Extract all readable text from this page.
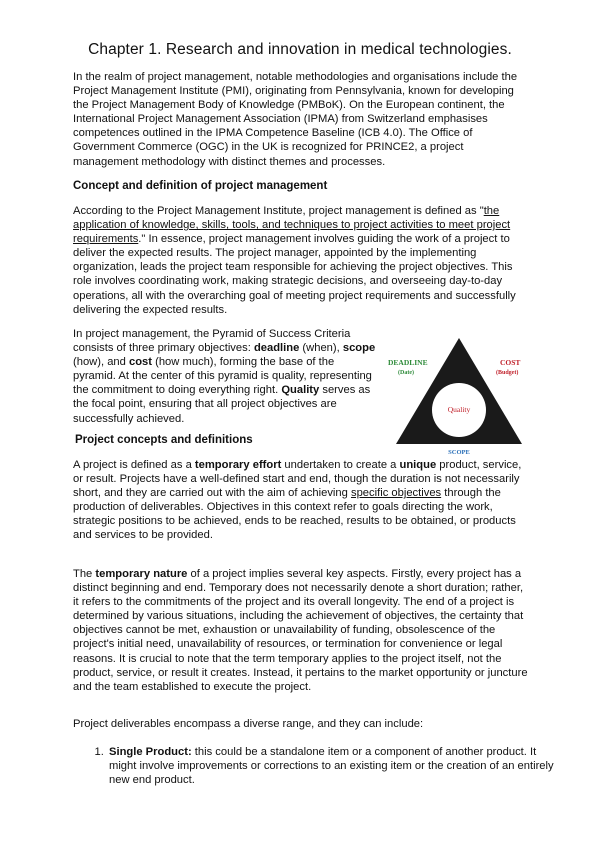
Chapter 1. Research and innovation in medical technologies.

In the realm of project management, notable methodologies and organisations include the Project Management Institute (PMI), originating from Pennsylvania, known for developing the Project Management Body of Knowledge (PMBoK). On the European continent, the International Project Management Association (IPMA) from Switzerland emphasises competences outlined in the IPMA Competence Baseline (ICB 4.0). The Office of Government Commerce (OGC) in the UK is recognized for PRINCE2, a project management methodology with distinct themes and processes.

Concept and definition of project management

According to the Project Management Institute, project management is defined as "the application of knowledge, skills, tools, and techniques to project activities to meet project requirements." In essence, project management involves guiding the work of a project to deliver the expected results. The project manager, appointed by the implementing organization, leads the project team responsible for achieving the project objectives. This role involves coordinating work, making strategic decisions, and overseeing day-to-day operations, all with the overarching goal of meeting project requirements and successfully delivering the expected results.

In project management, the Pyramid of Success Criteria consists of three primary objectives: deadline (when), scope (how), and cost (how much), forming the base of the pyramid. At the center of this pyramid is quality, representing the commitment to doing everything right. Quality serves as the focal point, ensuring that all project objectives are successfully achieved.

Quality
DEADLINE
(Date)
COST
(Budget)
SCOPE
Project concepts and definitions

A project is defined as a temporary effort undertaken to create a unique product, service, or result. Projects have a well-defined start and end, though the duration is not necessarily short, and they are carried out with the aim of achieving specific objectives through the production of deliverables. Objectives in this context refer to goals directing the work, strategic positions to be achieved, ends to be reached, results to be obtained, or products and services to be provided.

The temporary nature of a project implies several key aspects. Firstly, every project has a distinct beginning and end. Temporary does not necessarily denote a short duration; rather, it refers to the commitments of the project and its overall longevity. The end of a project is determined by various situations, including the achievement of objectives, the certainty that objectives cannot be met, exhaustion or unavailability of funding, obsolescence of the project's initial need, unavailability of resources, or termination for convenience or legal reasons. It is crucial to note that the term temporary applies to the project itself, not the product, service, or result it creates. Instead, it pertains to the market opportunity or juncture and the team established to execute the project.

Project deliverables encompass a diverse range, and they can include:

1. Single Product: this could be a standalone item or a component of another product. It might involve improvements or corrections to an existing item or the creation of an entirely new end product.
